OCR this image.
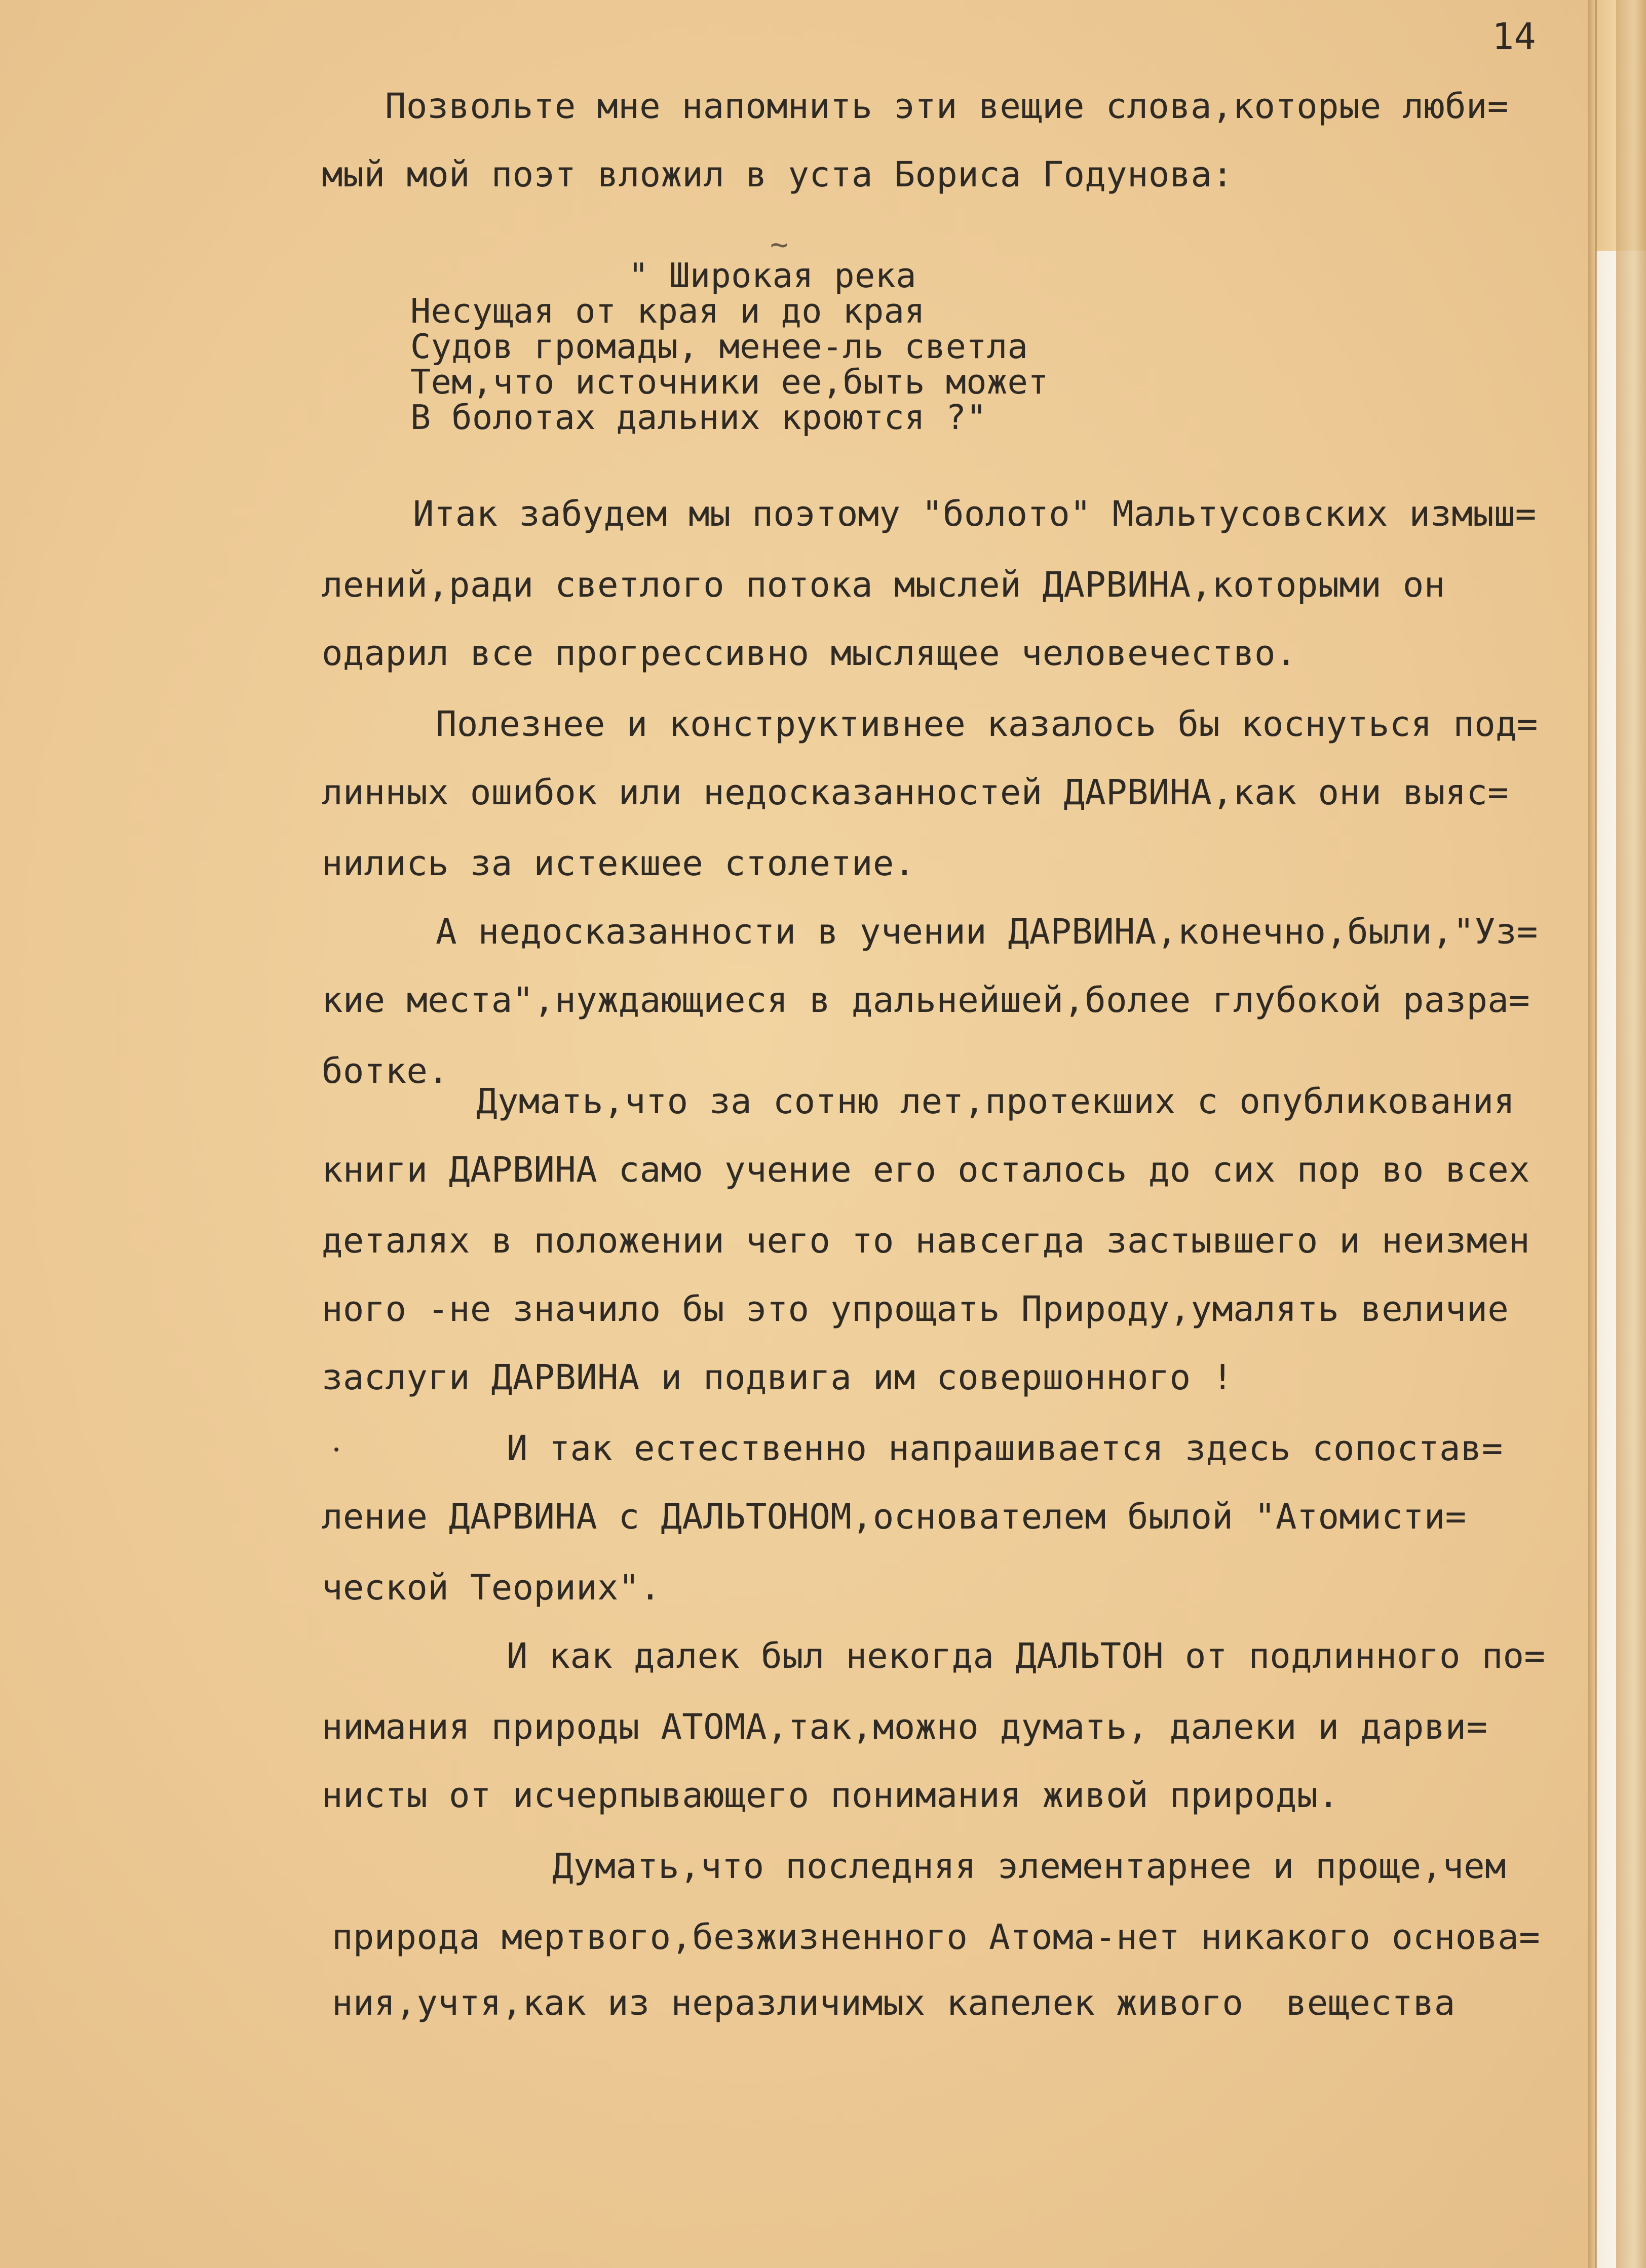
14
Позвольте мне напомнить эти вещие слова,которые люби=
мый мой поэт вложил в уста Бориса Годунова:
~
" Широкая река
Несущая от края и до края
Судов громады, менее-ль светла
Тем,что источники ее,быть может
В болотах дальних кроются ?"
Итак забудем мы поэтому "болото" Мальтусовских измыш=
лений,ради светлого потока мыслей ДАРВИНА,которыми он
одарил все прогрессивно мыслящее человечество.
Полезнее и конструктивнее казалось бы коснуться под=
линных ошибок или недосказанностей ДАРВИНА,как они выяс=
нились за истекшее столетие.
А недосказанности в учении ДАРВИНА,конечно,были,"Уз=
кие места",нуждающиеся в дальнейшей,более глубокой разра=
ботке.
Думать,что за сотню лет,протекших с опубликования
книги ДАРВИНА само учение его осталось до сих пор во всех
деталях в положении чего то навсегда застывшего и неизмен
ного -не значило бы это упрощать Природу,умалять величие
заслуги ДАРВИНА и подвига им совершонного !
И так естественно напрашивается здесь сопостав=
ление ДАРВИНА с ДАЛЬТОНОМ,основателем былой "Атомисти=
ческой Теорииx".
И как далек был некогда ДАЛЬТОН от подлинного по=
нимания природы АТОМА,так,можно думать, далеки и дарви=
нисты от исчерпывающего понимания живой природы.
Думать,что последняя элементарнее и проще,чем
природа мертвого,безжизненного Атома-нет никакого основа=
ния,учтя,как из неразличимых капелек живого  вещества
